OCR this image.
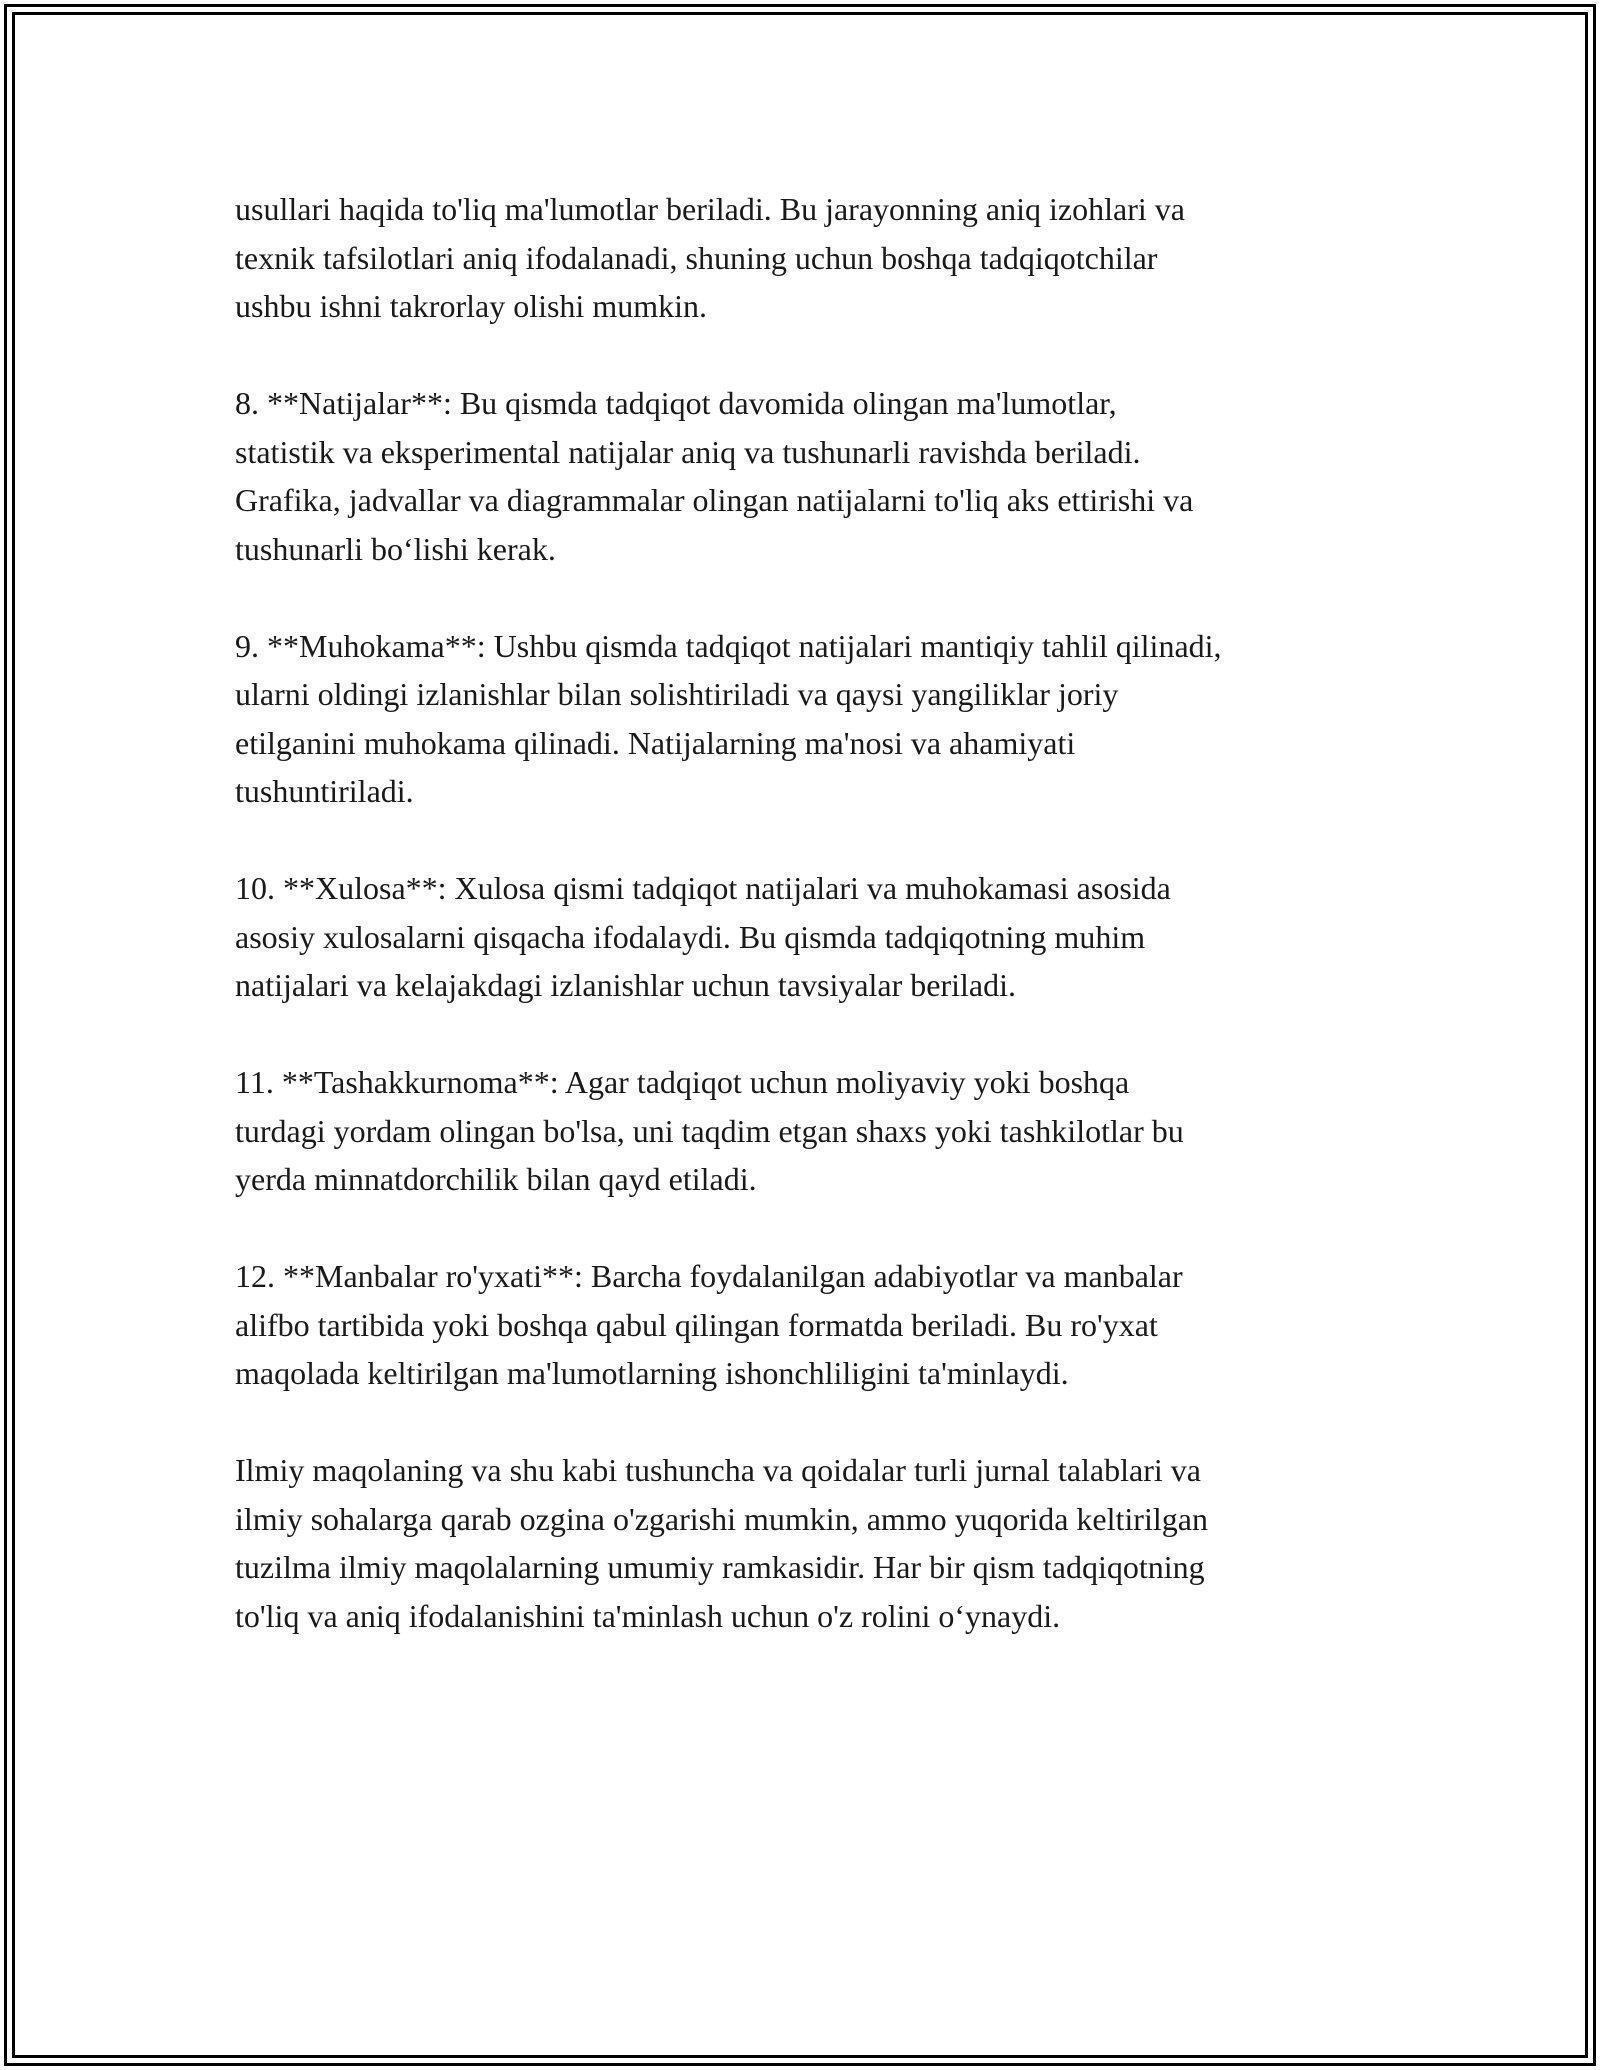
usullari haqida to'liq ma'lumotlar beriladi. Bu jarayonning aniq izohlari va
texnik tafsilotlari aniq ifodalanadi, shuning uchun boshqa tadqiqotchilar
ushbu ishni takrorlay olishi mumkin.

8. **Natijalar**: Bu qismda tadqiqot davomida olingan ma'lumotlar,
statistik va eksperimental natijalar aniq va tushunarli ravishda beriladi.
Grafika, jadvallar va diagrammalar olingan natijalarni to'liq aks ettirishi va
tushunarli bo‘lishi kerak.

9. **Muhokama**: Ushbu qismda tadqiqot natijalari mantiqiy tahlil qilinadi,
ularni oldingi izlanishlar bilan solishtiriladi va qaysi yangiliklar joriy
etilganini muhokama qilinadi. Natijalarning ma'nosi va ahamiyati
tushuntiriladi.

10. **Xulosa**: Xulosa qismi tadqiqot natijalari va muhokamasi asosida
asosiy xulosalarni qisqacha ifodalaydi. Bu qismda tadqiqotning muhim
natijalari va kelajakdagi izlanishlar uchun tavsiyalar beriladi.

11. **Tashakkurnoma**: Agar tadqiqot uchun moliyaviy yoki boshqa
turdagi yordam olingan bo'lsa, uni taqdim etgan shaxs yoki tashkilotlar bu
yerda minnatdorchilik bilan qayd etiladi.

12. **Manbalar ro'yxati**: Barcha foydalanilgan adabiyotlar va manbalar
alifbo tartibida yoki boshqa qabul qilingan formatda beriladi. Bu ro'yxat
maqolada keltirilgan ma'lumotlarning ishonchliligini ta'minlaydi.

Ilmiy maqolaning va shu kabi tushuncha va qoidalar turli jurnal talablari va
ilmiy sohalarga qarab ozgina o'zgarishi mumkin, ammo yuqorida keltirilgan
tuzilma ilmiy maqolalarning umumiy ramkasidir. Har bir qism tadqiqotning
to'liq va aniq ifodalanishini ta'minlash uchun o'z rolini o‘ynaydi.
